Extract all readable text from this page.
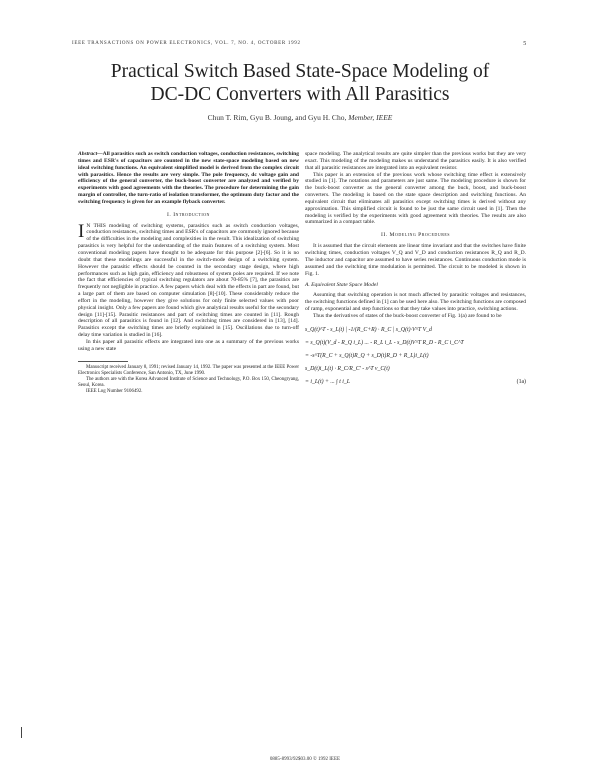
IEEE TRANSACTIONS ON POWER ELECTRONICS, VOL. 7, NO. 4, OCTOBER 1992	5
Practical Switch Based State-Space Modeling of
DC-DC Converters with All Parasitics
Chun T. Rim, Gyu B. Joung, and Gyu H. Cho, Member, IEEE

Abstract—All parasitics such as switch conduction voltages, conduction resistances, switching times and ESR's of capacitors are counted in the new state-space modeling based on new ideal switching functions. An equivalent simplified model is derived from the complex circuit with parasitics. Hence the results are very simple. The pole frequency, dc voltage gain and efficiency of the general converter, the buck-boost converter are analyzed and verified by experiments with good agreements with the theories. The procedure for determining the gain margin of controller, the turn-ratio of isolation transformer, the optimum duty factor and the switching frequency is given for an example flyback converter.

I. Introduction

IN THIS modeling of switching systems, parasitics such as switch conduction voltages, conduction resistances, switching times and ESR's of capacitors are commonly ignored because of the difficulties in the modeling and complexities in the result. This idealization of switching parasitics is very helpful for the understanding of the main features of a switching system. Most conventional modeling papers have thought to be adequate for this purpose [2]-[6]. So it is no doubt that these modelings are successful in the switch-mode design of a switching system. However the parasitic effects should be counted in the secondary stage design, where high performances such as high gain, efficiency and robustness of system poles are required. If we note the fact that efficiencies of typical switching regulators are about 70-85% [7], the parasitics are frequently not negligible in practice. A few papers which deal with the effects in part are found, but a large part of them are based on computer simulation [8]-[10]. These considerably reduce the effort in the modeling, however they give solutions for only finite selected values with poor physical insight. Only a few papers are found which give analytical results useful for the secondary design [11]-[15]. Parasitic resistances and part of switching times are counted in [11]. Rough description of all parasitics is found in [12]. And switching times are considered in [13], [14]. Parasitics except the switching times are briefly explained in [15]. Oscillations due to turn-off delay time variation is studied in [16].

In this paper all parasitic effects are integrated into one as a summary of the previous works using a new state

Manuscript received January 8, 1991; revised January 14, 1992. The paper was presented at the IEEE Power Electronics Specialists Conference, San Antonio, TX, June 1990.

The authors are with the Korea Advanced Institute of Science and Technology, P.O. Box 150, Cheongryang, Seoul, Korea.

IEEE Log Number 9106492.

space modeling. The analytical results are quite simpler than the previous works but they are very exact. This modeling of the modeling makes us understand the parasitics easily. It is also verified that all parasitic resistances are integrated into an equivalent resistor.

This paper is an extension of the previous work whose switching time effect is extensively studied in [1]. The notations and parameters are just same. The modeling procedure is shown for the buck-boost converter as the general converter among the buck, boost, and buck-boost converters. The modeling is based on the state space description and switching functions. An equivalent circuit that eliminates all parasitics except switching times is derived without any approximation. This simplified circuit is found to be just the same circuit used in [1]. Then the modeling is verified by the experiments with good agreement with theories. The results are also summarized in a compact table.

II. Modeling Procedures

It is assumed that the circuit elements are linear time invariant and that the switches have finite switching times, conduction voltages V_Q and V_D and conduction resistances R_Q and R_D. The inductor and capacitor are assumed to have series resistances. Continuous conduction mode is assumed and the switching time modulation is permitted. The circuit to be modeled is shown in Fig. 1.

A. Equivalent State Space Model

Assuming that switching operation is not much affected by parasitic voltages and resistances, the switching functions defined in [1] can be used here also. The switching functions are composed of ramp, exponential and step functions so that they take values into practice, switching actions.

Thus the derivatives of states of the buck-boost converter of Fig. 1(a) are found to be

s_Q(t)^T - s_L(t) | -1/(R_C+R) · R_C | s_Q(t)·V^T V_d
= s_Q(t)(V_d - R_Q i_L) ... - R_L i_L - s_D(t)V^T R_D - R_C i_C^T
= -s^T(R_C + s_Q(t)R_Q + s_D(t)R_D + R_L)i_L(t)
s_D(t)i_L(t) · R_C/R_C' - s^T v_C(t)
= i_L(t) + ... ∫ t i_L	(1a)
0885-8993/92$03.00 © 1992 IEEE
